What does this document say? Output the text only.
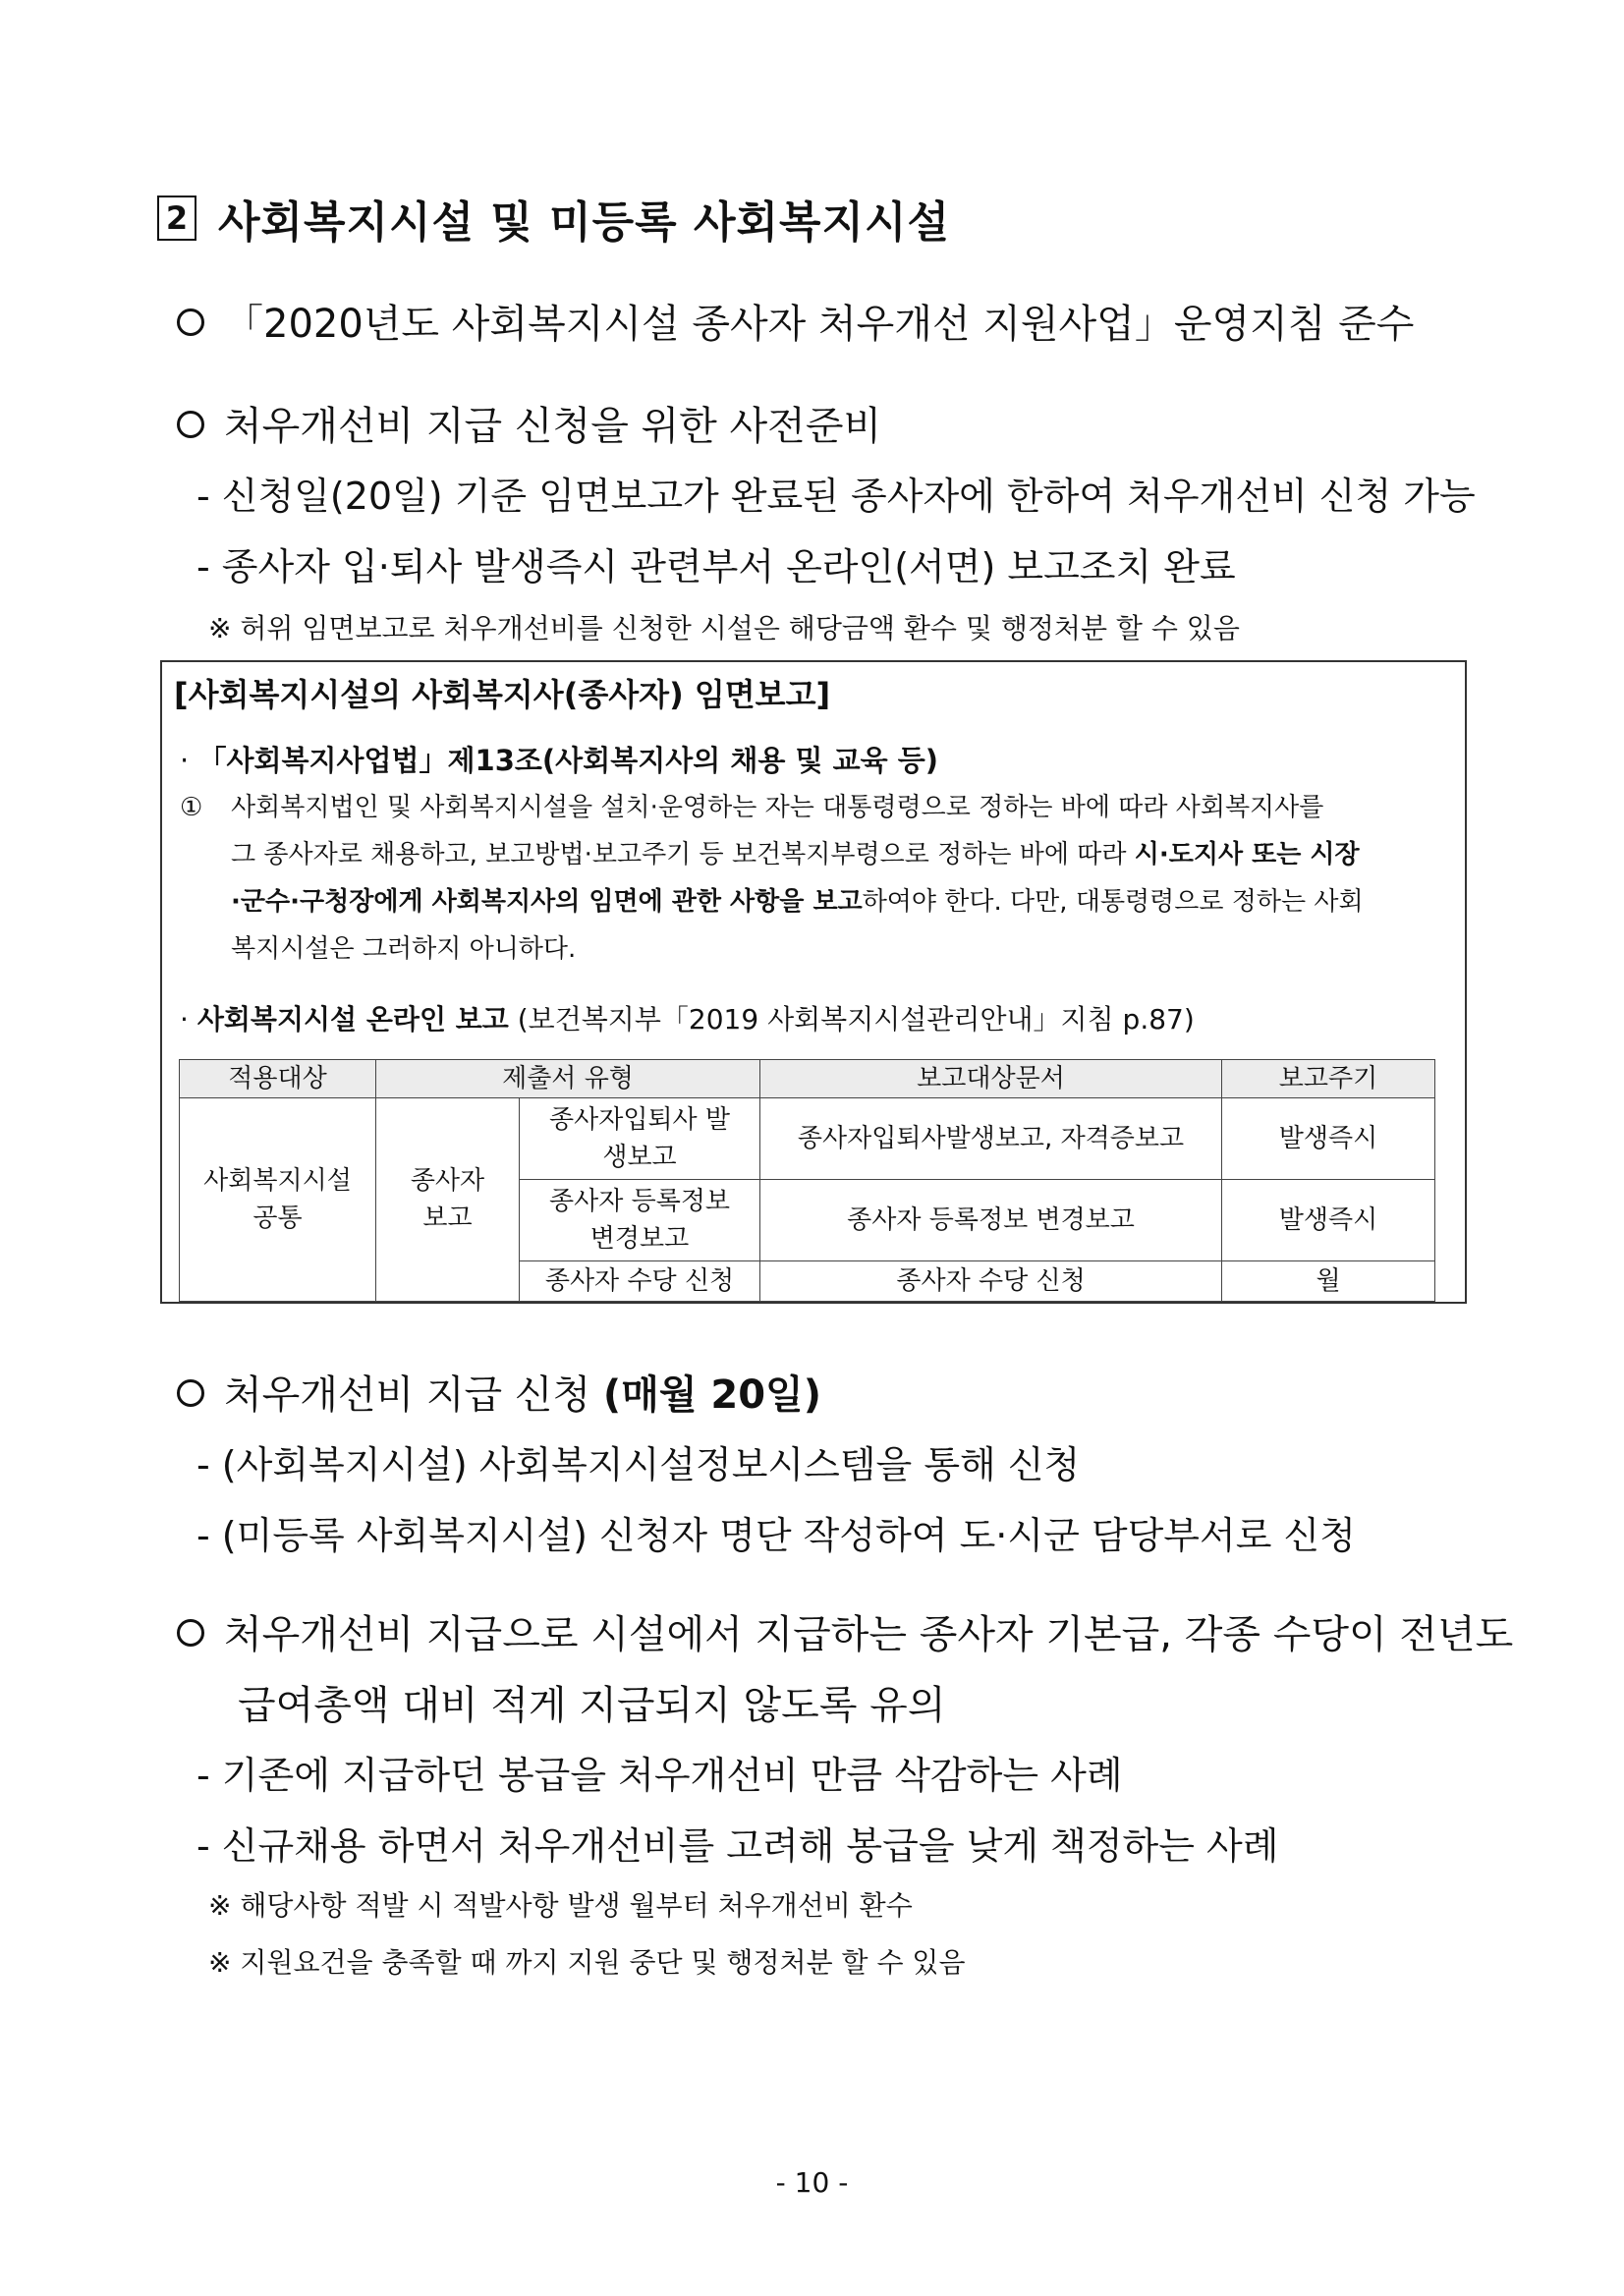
2 사회복지시설 및 미등록 사회복지시설
「2020년도 사회복지시설 종사자 처우개선 지원사업」운영지침 준수
처우개선비 지급 신청을 위한 사전준비
- 신청일(20일) 기준 임면보고가 완료된 종사자에 한하여 처우개선비 신청 가능
- 종사자 입·퇴사 발생즉시 관련부서 온라인(서면) 보고조치 완료
※ 허위 임면보고로 처우개선비를 신청한 시설은 해당금액 환수 및 행정처분 할 수 있음
[사회복지시설의 사회복지사(종사자) 임면보고]
· 「사회복지사업법」제13조(사회복지사의 채용 및 교육 등)
① 사회복지법인 및 사회복지시설을 설치·운영하는 자는 대통령령으로 정하는 바에 따라 사회복지사를
그 종사자로 채용하고, 보고방법·보고주기 등 보건복지부령으로 정하는 바에 따라 시·도지사 또는 시장
·군수·구청장에게 사회복지사의 임면에 관한 사항을 보고하여야 한다. 다만, 대통령령으로 정하는 사회
복지시설은 그러하지 아니하다.
· 사회복지시설 온라인 보고 (보건복지부「2019 사회복지시설관리안내」지침 p.87)
적용대상	제출서 유형		보고대상문서	보고주기
사회복지시설 공통	종사자 보고	종사자입퇴사 발생보고	종사자입퇴사발생보고, 자격증보고	발생즉시
		종사자 등록정보 변경보고	종사자 등록정보 변경보고	발생즉시
		종사자 수당 신청	종사자 수당 신청	월
처우개선비 지급 신청 (매월 20일)
- (사회복지시설) 사회복지시설정보시스템을 통해 신청
- (미등록 사회복지시설) 신청자 명단 작성하여 도·시군 담당부서로 신청
처우개선비 지급으로 시설에서 지급하는 종사자 기본급, 각종 수당이 전년도
급여총액 대비 적게 지급되지 않도록 유의
- 기존에 지급하던 봉급을 처우개선비 만큼 삭감하는 사례
- 신규채용 하면서 처우개선비를 고려해 봉급을 낮게 책정하는 사례
※ 해당사항 적발 시 적발사항 발생 월부터 처우개선비 환수
※ 지원요건을 충족할 때 까지 지원 중단 및 행정처분 할 수 있음
- 10 -
